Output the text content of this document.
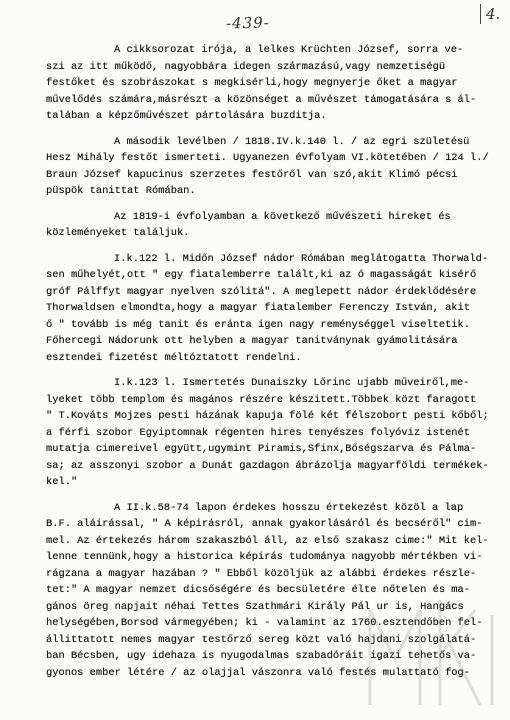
-439-	4.
A cikksorozat irója, a lelkes Krüchten József, sorra ve-
szi az itt működő, nagyobbára idegen származású,vagy nemzetiségü
festőket és szobrászokat s megkisérli,hogy megnyerje őket a magyar
művelődés számára,másrészt a közönséget a művészet támogatására s ál-
talában a képzőművészet pártolására buzditja.
A második levélben / 1818.IV.k.140 l. / az egri születésü
Hesz Mihály festőt ismerteti. Ugyanezen évfolyam VI.kötetében / 124 l./
Braun József kapucinus szerzetes festőről van szó,akit Klimó pécsi
püspök tanittat Rómában.
Az 1819-i évfolyamban a következő művészeti hireket és
közleményeket találjuk.
I.k.122 l. Midőn József nádor Rómában meglátogatta Thorwald-
sen műhelyét,ott " egy fiatalemberre talált,ki az ó magasságát kisérő
gróf Pálffyt magyar nyelven szólitá". A meglepett nádor érdeklődésére
Thorwaldsen elmondta,hogy a magyar fiatalember Ferenczy István, akit
ő " tovább is még tanit és eránta igen nagy reménységgel viseltetik.
Főhercegi Nádorunk ott helyben a magyar tanitványnak gyámolitására
esztendei fizetést méltóztatott rendelni.
I.k.123 l. Ismertetés Dunaiszky Lőrinc ujabb műveiről,me-
lyeket több templom és magános részére készitett.Többek közt faragott
" T.Kováts Mojzes pesti házának kapuja fölé két félszobort pesti kőből;
a férfi szobor Egyiptomnak régenten hires tenyészes folyóviz istenét
mutatja cimereivel együtt,ugymint Piramis,Sfinx,Bőségszarva és Pálma-
sa; az asszonyi szobor a Dunát gazdagon ábrázolja magyarföldi termékek-
kel."
A II.k.58-74 lapon érdekes hosszu értekezést közöl a lap
B.F. aláirással, " A képirásról, annak gyakorlásáról és becséről" cim-
mel. Az értekezés három szakaszból áll, az első szakasz cime:" Mit kel-
lenne tennünk,hogy a historica képirás tudománya nagyobb mértékben vi-
rágzana a magyar hazában ? " Ebből közöljük az alábbi érdekes részle-
tet:" A magyar nemzet dicsőségére és becsületére élte nőtelen és ma-
gános öreg napjait néhai Tettes Szathmári Király Pál ur is, Hangács
helységében,Borsod vármegyében; ki - valamint az 1760.esztendőben fel-
állittatott nemes magyar testőrző sereg közt való hajdani szolgálatá-
ban Bécsben, ugy idehaza is nyugodalmas szabadóráit igazi tehetős va-
gyonos ember létére / az olajjal vászonra való festés mulattató fog-
